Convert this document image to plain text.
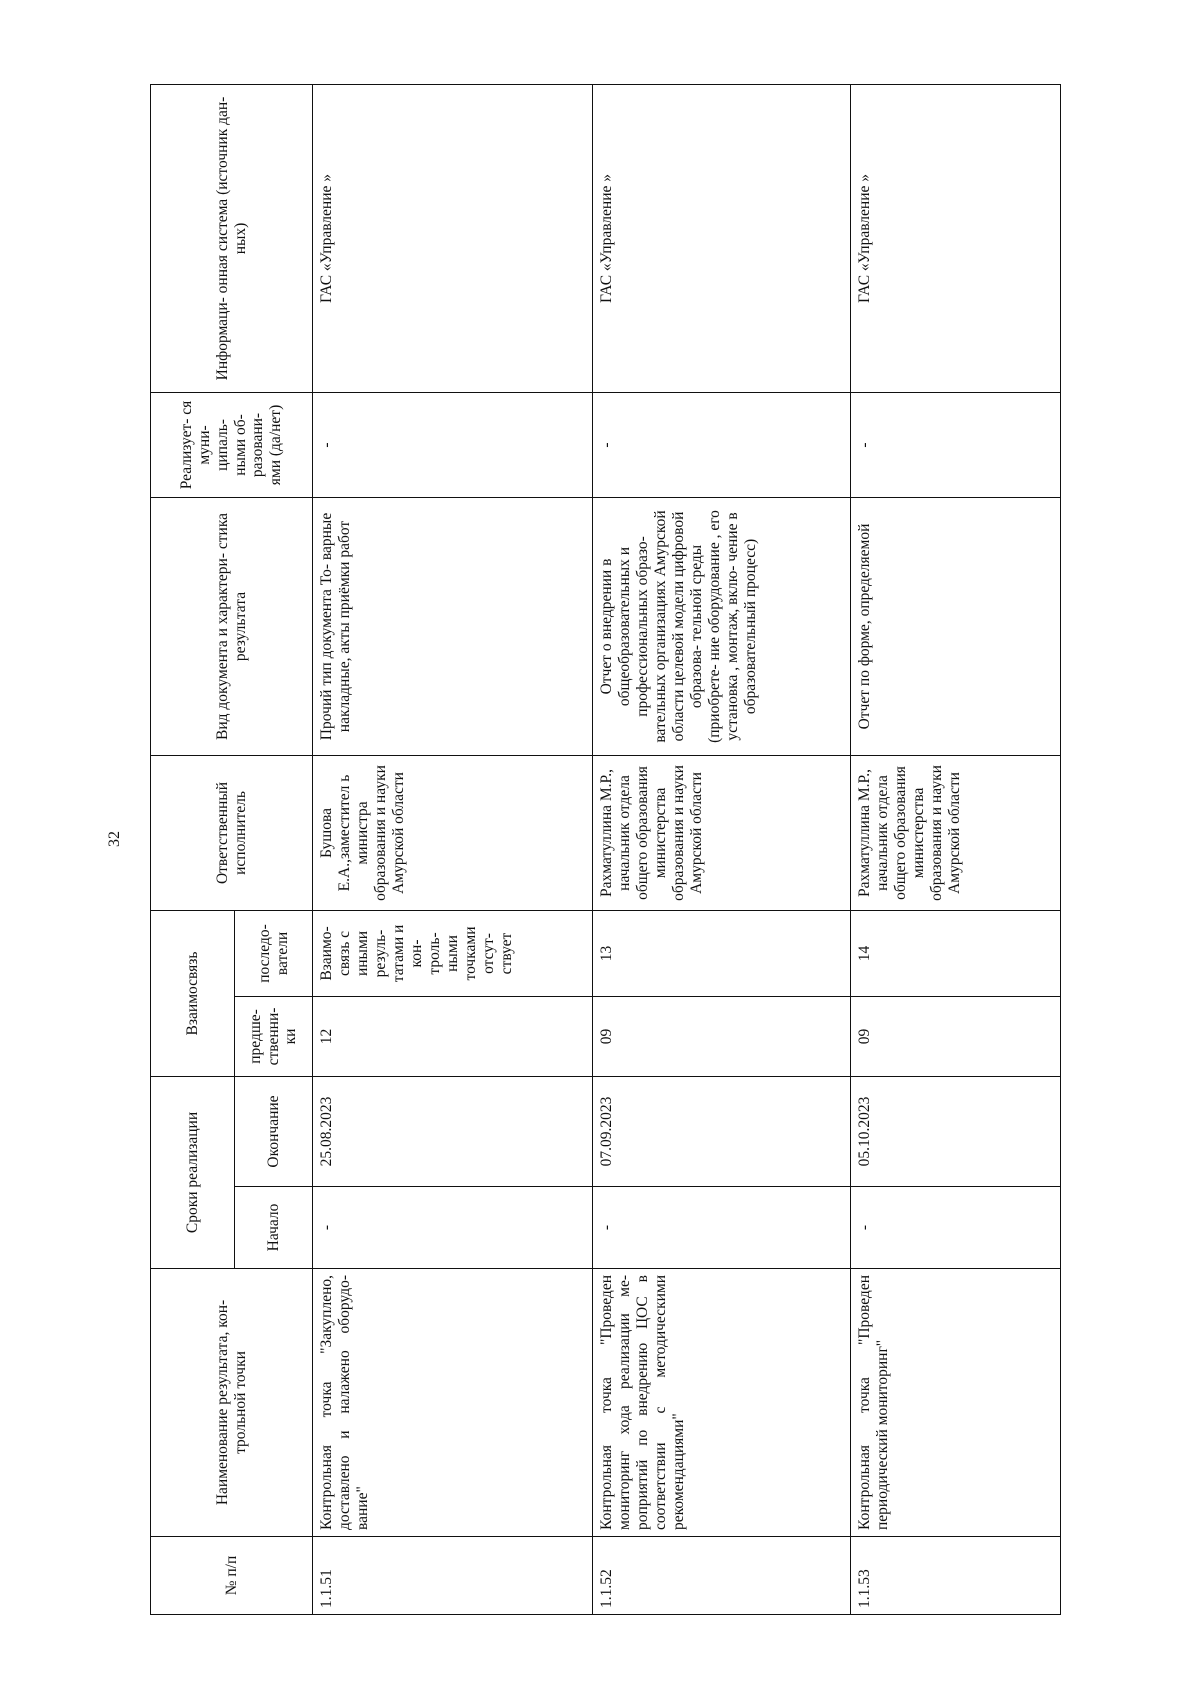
32
№ п/п	Наименование результата, кон- трольной точки	Сроки реализации		Взаимосвязь		Ответственный исполнитель	Вид документа и характери- стика результата	Реализует- ся муни- ципаль- ными об- разовани- ями (да/нет)	Информаци- онная система (источник дан- ных)
		Начало	Окончание	предше- ственни- ки	последо- ватели				
1.1.51	Контрольная точка "Закуплено, доставлено и налажено оборудо- вание"	-	25.08.2023	12	Взаимо- связь с иными резуль- татами и кон- троль- ными точками отсут- ствует	Бушова Е.А.,заместител ь министра образования и науки Амурской области	Прочий тип документа То- варные накладные, акты приёмки работ	-	ГАС «Управление »
1.1.52	Контрольная точка "Проведен мониторинг хода реализации ме- роприятий по внедрению ЦОС в соответствии с методическими рекомендациями"	-	07.09.2023	09	13	Рахматуллина М.Р., начальник отдела общего образования министерства образования и науки Амурской области	Отчет о внедрении в общеобразовательных и профессиональных образо- вательных организациях Амурской области целевой модели цифровой образова- тельной среды (приобрете- ние оборудование , его установка , монтаж, вклю- чение в образовательный процесс)	-	ГАС «Управление »
1.1.53	Контрольная точка "Проведен периодический мониторинг"	-	05.10.2023	09	14	Рахматуллина М.Р., начальник отдела общего образования министерства образования и науки Амурской области	Отчет по форме, определяемой	-	ГАС «Управление »
